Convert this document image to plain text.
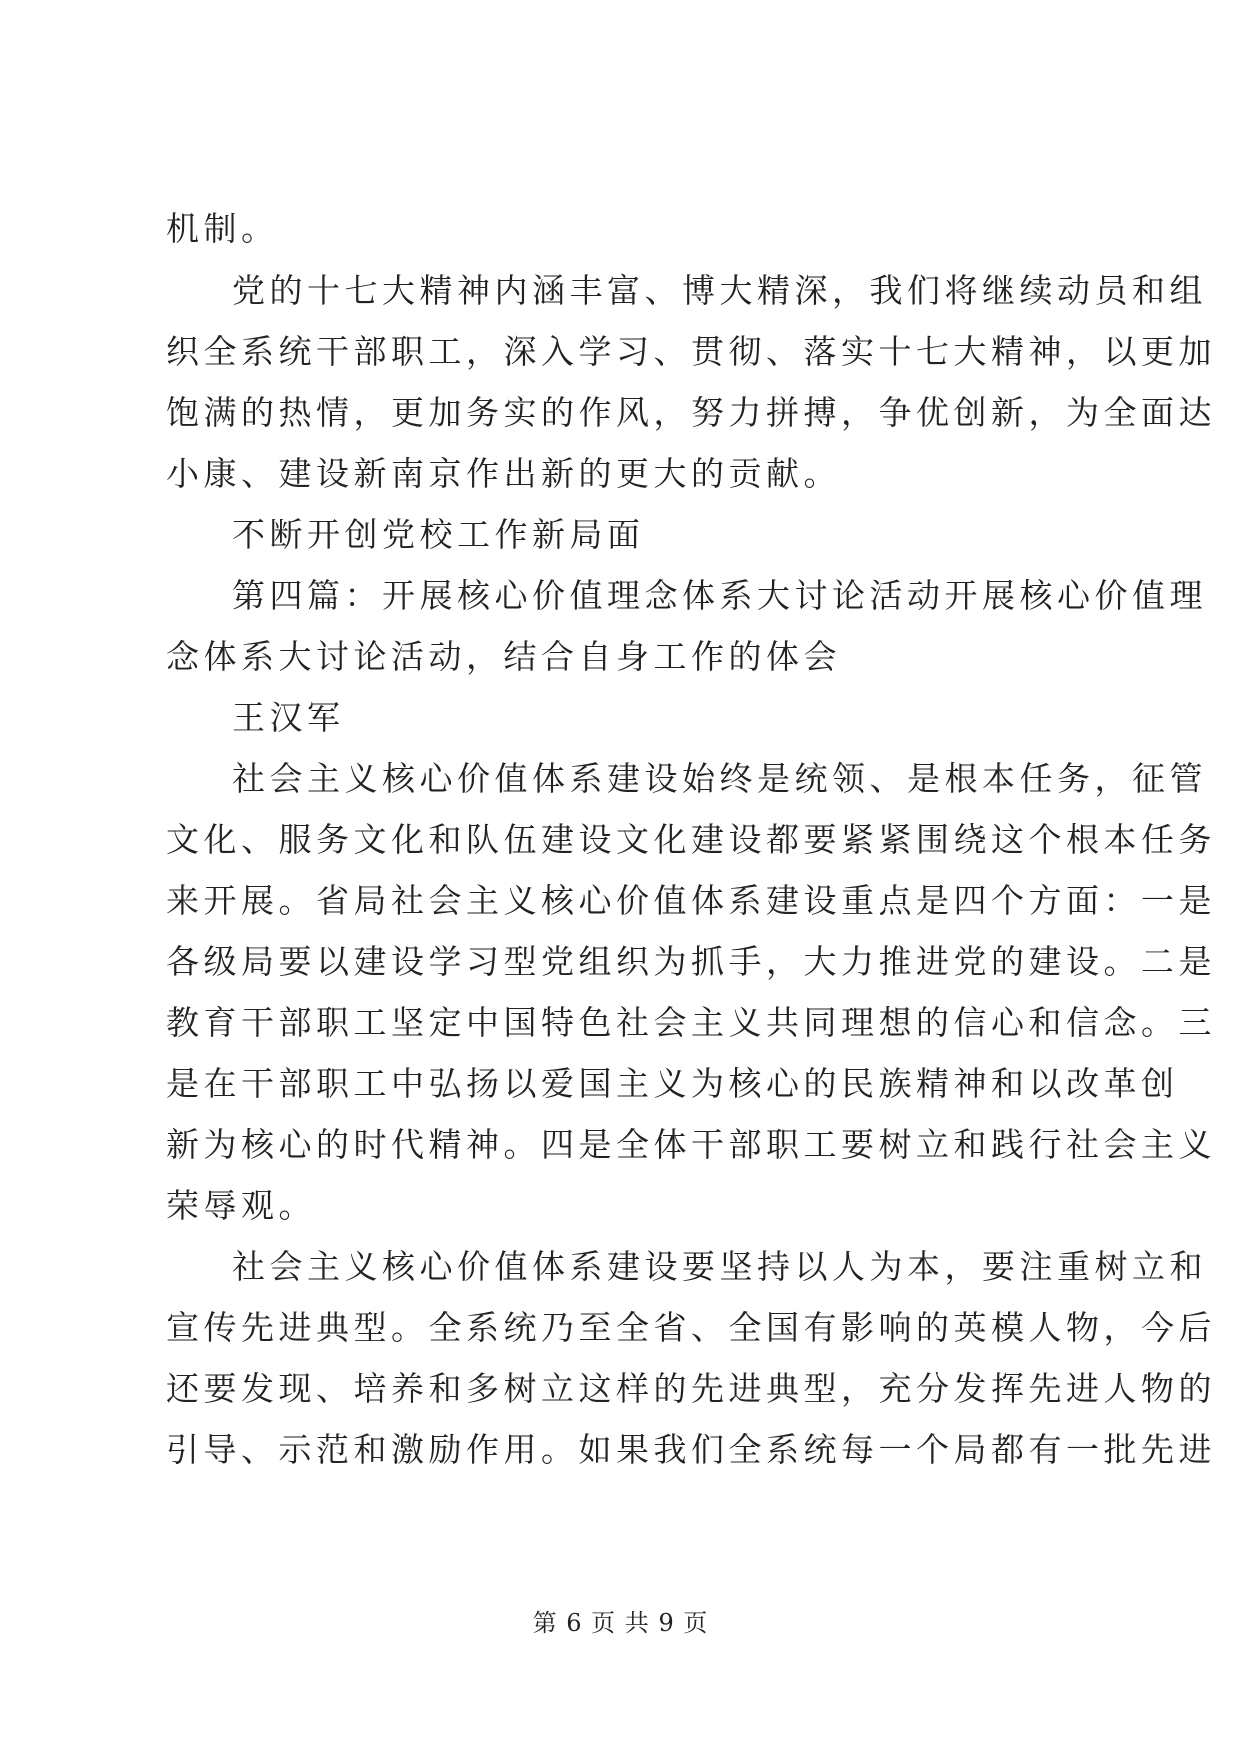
机制。
党的十七大精神内涵丰富、博大精深，我们将继续动员和组
织全系统干部职工，深入学习、贯彻、落实十七大精神，以更加
饱满的热情，更加务实的作风，努力拼搏，争优创新，为全面达
小康、建设新南京作出新的更大的贡献。
不断开创党校工作新局面
第四篇：开展核心价值理念体系大讨论活动开展核心价值理
念体系大讨论活动，结合自身工作的体会
王汉军
社会主义核心价值体系建设始终是统领、是根本任务，征管
文化、服务文化和队伍建设文化建设都要紧紧围绕这个根本任务
来开展。省局社会主义核心价值体系建设重点是四个方面：一是
各级局要以建设学习型党组织为抓手，大力推进党的建设。二是
教育干部职工坚定中国特色社会主义共同理想的信心和信念。三
是在干部职工中弘扬以爱国主义为核心的民族精神和以改革创
新为核心的时代精神。四是全体干部职工要树立和践行社会主义
荣辱观。
社会主义核心价值体系建设要坚持以人为本，要注重树立和
宣传先进典型。全系统乃至全省、全国有影响的英模人物，今后
还要发现、培养和多树立这样的先进典型，充分发挥先进人物的
引导、示范和激励作用。如果我们全系统每一个局都有一批先进
第 6 页 共 9 页
